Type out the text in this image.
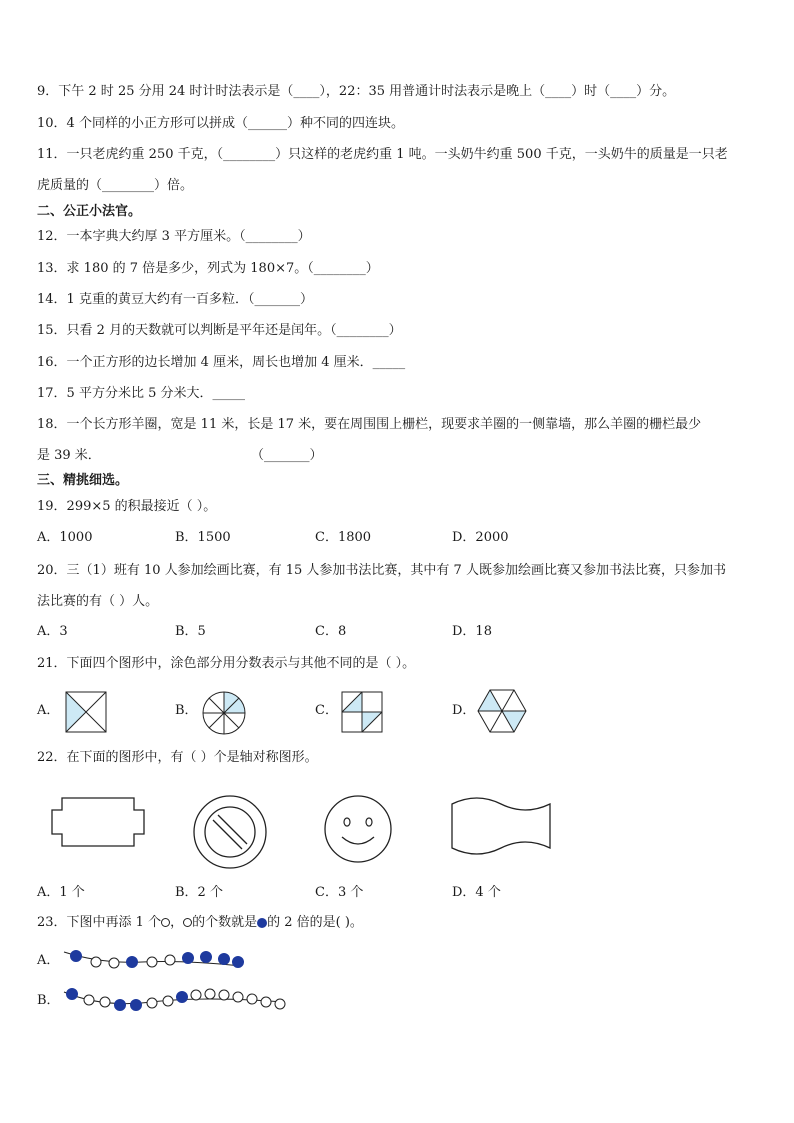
9．下午 2 时 25 分用 24 时计时法表示是（____），22：35 用普通计时法表示是晚上（____）时（____）分。
10．4 个同样的小正方形可以拼成（______）种不同的四连块。
11．一只老虎约重 250 千克，（________）只这样的老虎约重 1 吨。一头奶牛约重 500 千克，一头奶牛的质量是一只老
虎质量的（________）倍。
二、公正小法官。
12．一本字典大约厚 3 平方厘米。（________）
13．求 180 的 7 倍是多少，列式为 180×7。（________）
14．1 克重的黄豆大约有一百多粒．（_______）
15．只看 2 月的天数就可以判断是平年还是闰年。（________）
16．一个正方形的边长增加 4 厘米，周长也增加 4 厘米．_____
17．5 平方分米比 5 分米大．_____
18．一个长方形羊圈，宽是 11 米，长是 17 米，要在周围围上栅栏，现要求羊圈的一侧靠墙，那么羊圈的栅栏最少
是 39 米．	（_______）
三、精挑细选。
19．299×5 的积最接近（ ）。
A．1000	B．1500	C．1800	D．2000
20．三（1）班有 10 人参加绘画比赛，有 15 人参加书法比赛，其中有 7 人既参加绘画比赛又参加书法比赛，只参加书
法比赛的有（ ）人。
A．3	B．5	C．8	D．18
21．下面四个图形中，涂色部分用分数表示与其他不同的是（ ）。
A．	B．	C．	D．
22．在下面的图形中，有（ ）个是轴对称图形。
A．1 个	B．2 个	C．3 个	D．4 个
23．下图中再添 1 个 ， 的个数就是 的 2 倍的是( )。
A．
B．
